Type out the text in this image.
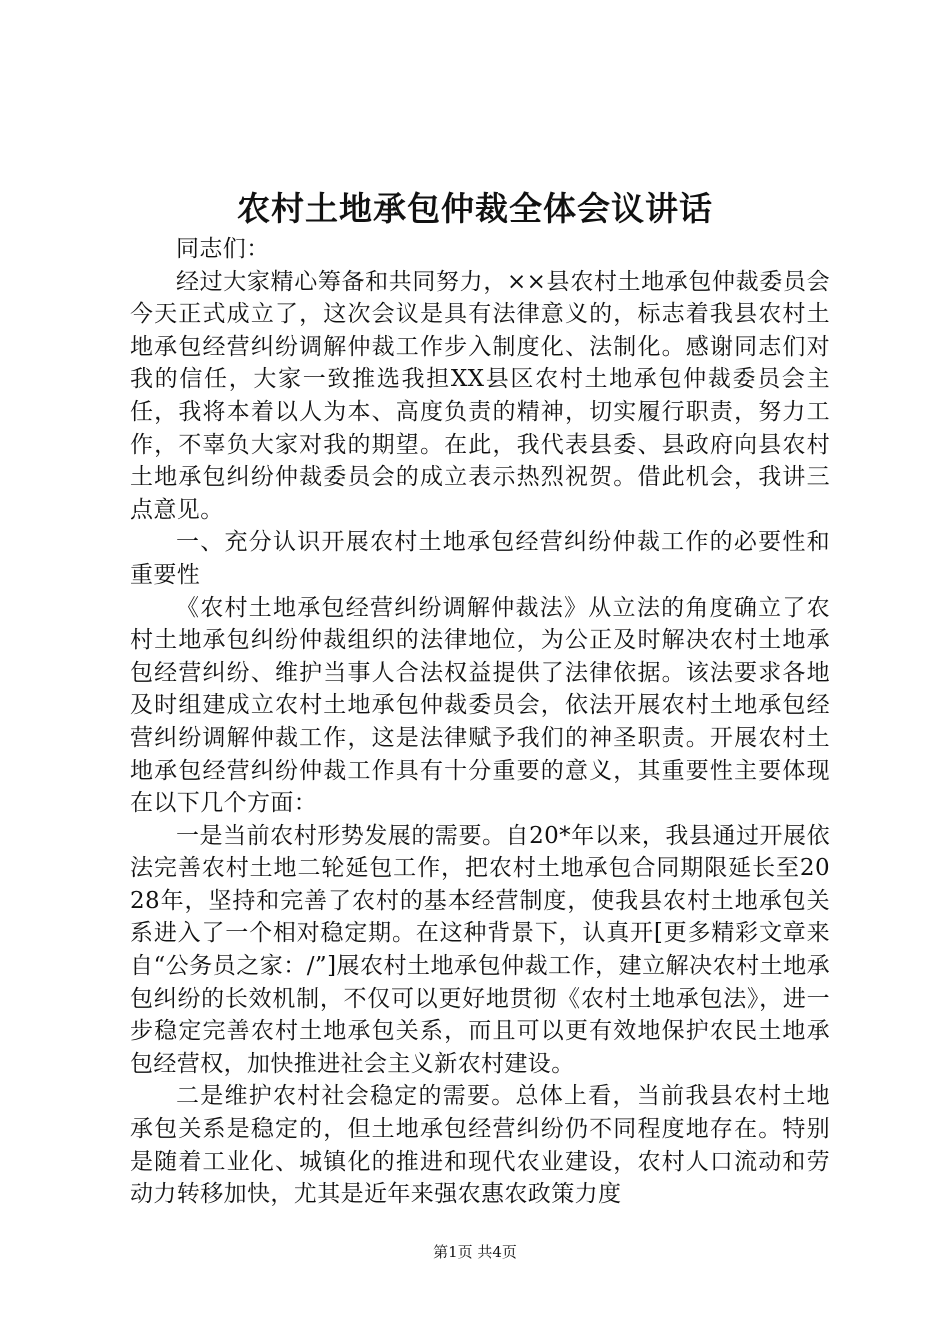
农村土地承包仲裁全体会议讲话

同志们：

经过大家精心筹备和共同努力，××县农村土地承包仲裁委员会今天正式成立了，这次会议是具有法律意义的，标志着我县农村土地承包经营纠纷调解仲裁工作步入制度化、法制化。感谢同志们对我的信任，大家一致推选我担XX县区农村土地承包仲裁委员会主任，我将本着以人为本、高度负责的精神，切实履行职责，努力工作，不辜负大家对我的期望。在此，我代表县委、县政府向县农村土地承包纠纷仲裁委员会的成立表示热烈祝贺。借此机会，我讲三点意见。

一、充分认识开展农村土地承包经营纠纷仲裁工作的必要性和重要性

《农村土地承包经营纠纷调解仲裁法》从立法的角度确立了农村土地承包纠纷仲裁组织的法律地位，为公正及时解决农村土地承包经营纠纷、维护当事人合法权益提供了法律依据。该法要求各地及时组建成立农村土地承包仲裁委员会，依法开展农村土地承包经营纠纷调解仲裁工作，这是法律赋予我们的神圣职责。开展农村土地承包经营纠纷仲裁工作具有十分重要的意义，其重要性主要体现在以下几个方面：

一是当前农村形势发展的需要。自20*年以来，我县通过开展依法完善农村土地二轮延包工作，把农村土地承包合同期限延长至2028年，坚持和完善了农村的基本经营制度，使我县农村土地承包关系进入了一个相对稳定期。在这种背景下，认真开[更多精彩文章来自“公务员之家：/”]展农村土地承包仲裁工作，建立解决农村土地承包纠纷的长效机制，不仅可以更好地贯彻《农村土地承包法》，进一步稳定完善农村土地承包关系，而且可以更有效地保护农民土地承包经营权，加快推进社会主义新农村建设。

二是维护农村社会稳定的需要。总体上看，当前我县农村土地承包关系是稳定的，但土地承包经营纠纷仍不同程度地存在。特别是随着工业化、城镇化的推进和现代农业建设，农村人口流动和劳动力转移加快，尤其是近年来强农惠农政策力度

第1页 共4页
